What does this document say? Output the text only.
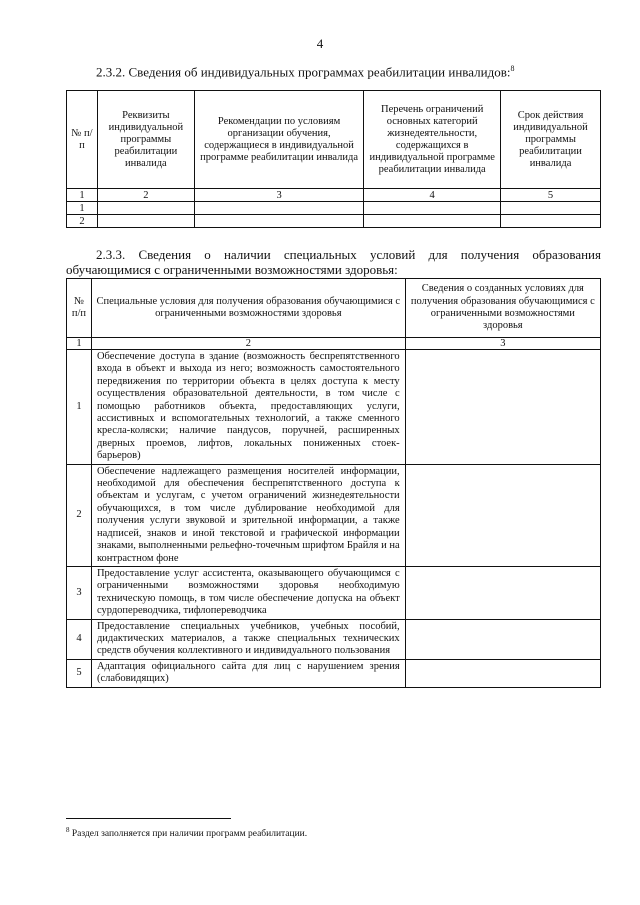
4
2.3.2. Сведения об индивидуальных программах реабилитации инвалидов:$^8$
№ п/п	Реквизиты индивидуальной программы реабилитации инвалида	Рекомендации по условиям организации обучения, содержащиеся в индивидуальной программе реабилитации инвалида	Перечень ограничений основных категорий жизнедеятельности, содержащихся в индивидуальной программе реабилитации инвалида	Срок действия индивидуальной программы реабилитации инвалида
1	2	3	4	5
1				
2				
2.3.3. Сведения о наличии специальных условий для получения образования
обучающимися с ограниченными возможностями здоровья:
№ п/п	Специальные условия для получения образования обучающимися с ограниченными возможностями здоровья	Сведения о созданных условиях для получения образования обучающимися с ограниченными возможностями здоровья
1	2	3
1	Обеспечение доступа в здание (возможность беспрепятственного входа в объект и выхода из него; возможность самостоятельного передвижения по территории объекта в целях доступа к месту осуществления образовательной деятельности, в том числе с помощью работников объекта, предоставляющих услуги, ассистивных и вспомогательных технологий, а также сменного кресла-коляски; наличие пандусов, поручней, расширенных дверных проемов, лифтов, локальных пониженных стоек-барьеров)	
2	Обеспечение надлежащего размещения носителей информации, необходимой для обеспечения беспрепятственного доступа к объектам и услугам, с учетом ограничений жизнедеятельности обучающихся, в том числе дублирование необходимой для получения услуги звуковой и зрительной информации, а также надписей, знаков и иной текстовой и графической информации знаками, выполненными рельефно-точечным шрифтом Брайля и на контрастном фоне	
3	Предоставление услуг ассистента, оказывающего обучающимся с ограниченными возможностями здоровья необходимую техническую помощь, в том числе обеспечение допуска на объект сурдопереводчика, тифлопереводчика	
4	Предоставление специальных учебников, учебных пособий, дидактических материалов, а также специальных технических средств обучения коллективного и индивидуального пользования	
5	Адаптация официального сайта для лиц с нарушением зрения (слабовидящих)	
$^8$ Раздел заполняется при наличии программ реабилитации.
